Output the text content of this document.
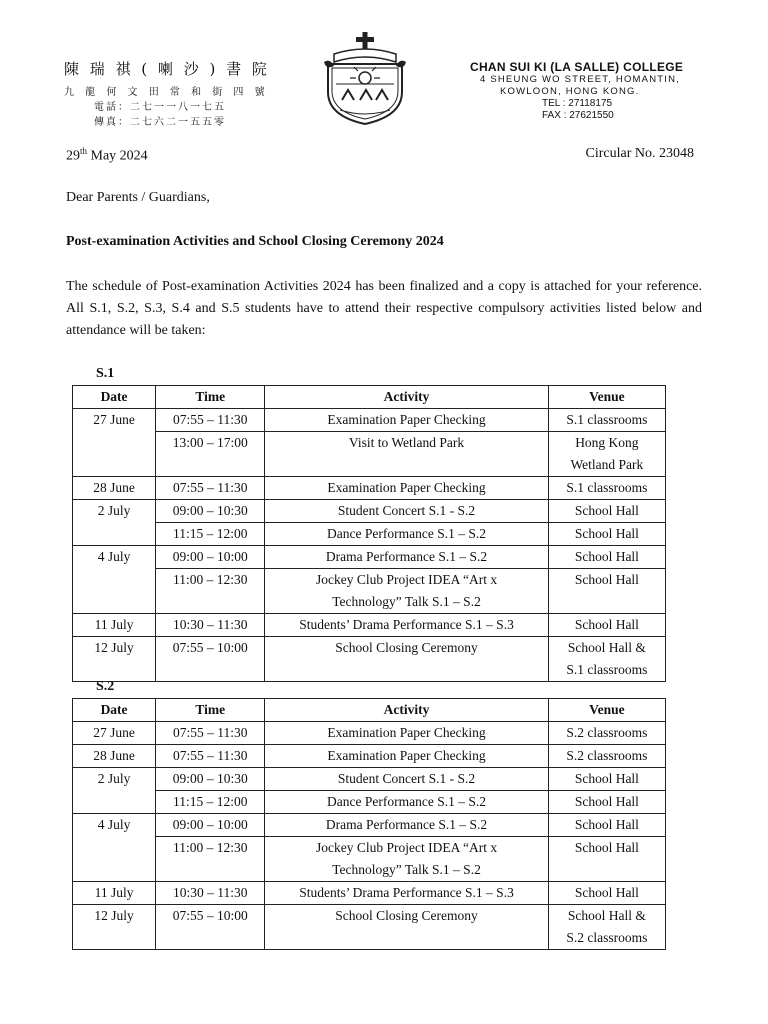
陳 瑞 祺 ( 喇 沙 ) 書 院
九 龍 何 文 田 常 和 街 四 號
電話：二七一一八一七五
傳真：二七六二一五五零
CHAN SUI KI (LA SALLE) COLLEGE
4 SHEUNG WO STREET, HOMANTIN,
KOWLOON, HONG KONG.
TEL : 27118175
FAX : 27621550
29th May 2024	Circular No. 23048
Dear Parents / Guardians,
Post-examination Activities and School Closing Ceremony 2024
The schedule of Post-examination Activities 2024 has been finalized and a copy is attached for your reference. All S.1, S.2, S.3, S.4 and S.5 students have to attend their respective compulsory activities listed below and attendance will be taken:
S.1
Date	Time	Activity	Venue
27 June	07:55 – 11:30	Examination Paper Checking	S.1 classrooms
	13:00 – 17:00	Visit to Wetland Park	Hong Kong Wetland Park
28 June	07:55 – 11:30	Examination Paper Checking	S.1 classrooms
2 July	09:00 – 10:30	Student Concert S.1 - S.2	School Hall
	11:15 – 12:00	Dance Performance S.1 – S.2	School Hall
4 July	09:00 – 10:00	Drama Performance S.1 – S.2	School Hall
	11:00 – 12:30	Jockey Club Project IDEA “Art x Technology” Talk S.1 – S.2	School Hall
11 July	10:30 – 11:30	Students’ Drama Performance S.1 – S.3	School Hall
12 July	07:55 – 10:00	School Closing Ceremony	School Hall & S.1 classrooms
S.2
Date	Time	Activity	Venue
27 June	07:55 – 11:30	Examination Paper Checking	S.2 classrooms
28 June	07:55 – 11:30	Examination Paper Checking	S.2 classrooms
2 July	09:00 – 10:30	Student Concert S.1 - S.2	School Hall
	11:15 – 12:00	Dance Performance S.1 – S.2	School Hall
4 July	09:00 – 10:00	Drama Performance S.1 – S.2	School Hall
	11:00 – 12:30	Jockey Club Project IDEA “Art x Technology” Talk S.1 – S.2	School Hall
11 July	10:30 – 11:30	Students’ Drama Performance S.1 – S.3	School Hall
12 July	07:55 – 10:00	School Closing Ceremony	School Hall & S.2 classrooms
